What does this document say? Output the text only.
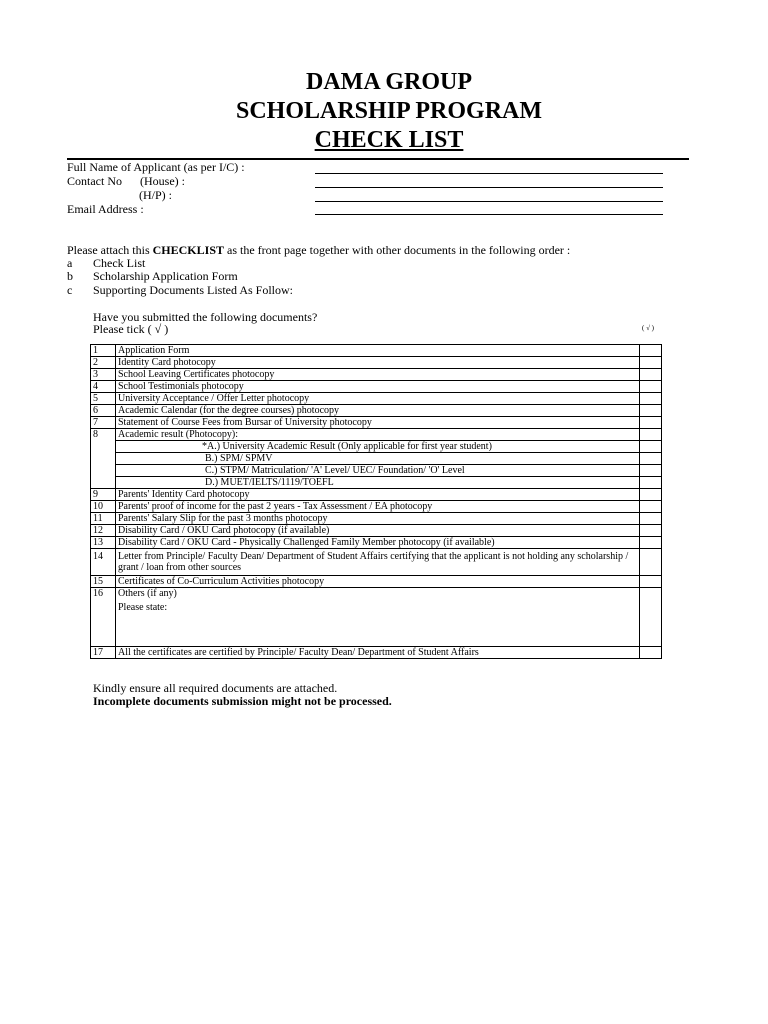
DAMA GROUP
SCHOLARSHIP PROGRAM
CHECK LIST
Full Name of Applicant (as per I/C) :
Contact No      (House) :
(H/P) :
Email Address :
Please attach this CHECKLIST as the front page together with other documents in the following order :
a Check List
b Scholarship Application Form
c Supporting Documents Listed As Follow:
Have you submitted the following documents?
Please tick ( √ )	( √ )
1	Application Form	
2	Identity Card photocopy	
3	School Leaving Certificates photocopy	
4	School Testimonials photocopy	
5	University Acceptance / Offer Letter photocopy	
6	Academic Calendar (for the degree courses) photocopy	
7	Statement of Course Fees from Bursar of University photocopy	
8	Academic result (Photocopy):	
	*A.) University Academic Result (Only applicable for first year student)	
	B.) SPM/ SPMV	
	C.) STPM/ Matriculation/ 'A' Level/ UEC/ Foundation/ 'O' Level	
	D.) MUET/IELTS/1119/TOEFL	
9	Parents' Identity Card photocopy	
10	Parents' proof of income for the past 2 years - Tax Assessment / EA photocopy	
11	Parents' Salary Slip for the past 3 months photocopy	
12	Disability Card / OKU Card photocopy (if available)	
13	Disability Card / OKU Card - Physically Challenged Family Member photocopy (if available)	
14	Letter from Principle/ Faculty Dean/ Department of Student Affairs certifying that the applicant is not holding any scholarship / grant / loan from other sources	
15	Certificates of Co-Curriculum Activities photocopy	
16	Others (if any)
Please state:	

17	All the certificates are certified by Principle/ Faculty Dean/ Department of Student Affairs	
Kindly ensure all required documents are attached.
Incomplete documents submission might not be processed.
